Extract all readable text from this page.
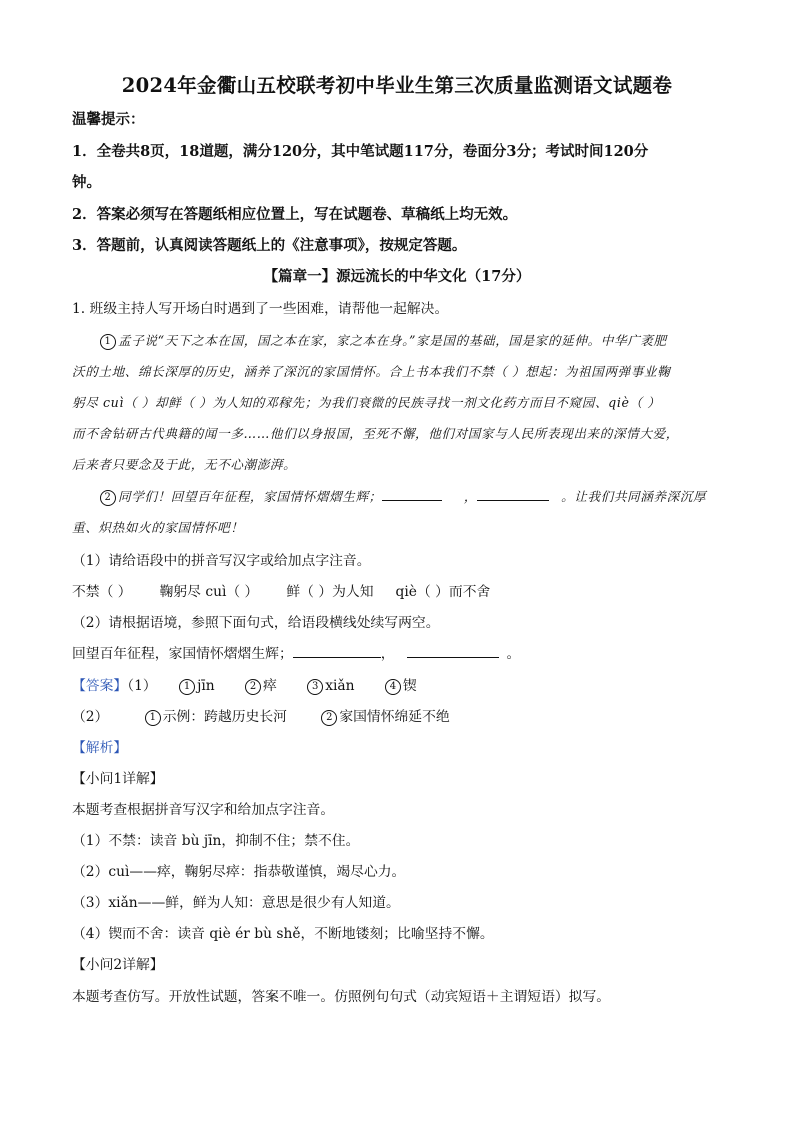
2024年金衢山五校联考初中毕业生第三次质量监测语文试题卷
温馨提示：
1．全卷共8页，18道题，满分120分，其中笔试题117分，卷面分3分；考试时间120分
钟。
2．答案必须写在答题纸相应位置上，写在试题卷、草稿纸上均无效。
3．答题前，认真阅读答题纸上的《注意事项》，按规定答题。
【篇章一】源远流长的中华文化（17分）
1. 班级主持人写开场白时遇到了一些困难，请帮他一起解决。
1 孟子说“天下之本在国，国之本在家，家之本在身。”家是国的基础，国是家的延伸。中华广袤肥
沃的土地、绵长深厚的历史，涵养了深沉的家国情怀。合上书本我们不禁（ ）想起：为祖国两弹事业鞠
躬尽 cuì（ ）却鲜（ ）为人知的邓稼先；为我们衰微的民族寻找一剂文化药方而目不窥园、qiè（ ）
而不舍钻研古代典籍的闻一多……他们以身报国，至死不懈，他们对国家与人民所表现出来的深情大爱，
后来者只要念及于此，无不心潮澎湃。
2 同学们！回望百年征程，家国情怀熠熠生辉；	，	。让我们共同涵养深沉厚
重、炽热如火的家国情怀吧！
（1）请给语段中的拼音写汉字或给加点字注音。
不禁（ ） 鞠躬尽 cuì（ ） 鲜（ ）为人知 qiè（ ）而不舍
（2）请根据语境，参照下面句式，给语段横线处续写两空。
回望百年征程，家国情怀熠熠生辉；	，	。
【答案】（1）	1 jīn	2 瘁	3 xiǎn	4 锲
（2）	1 示例：跨越历史长河	2 家国情怀绵延不绝
【解析】
【小问1详解】
本题考查根据拼音写汉字和给加点字注音。
（1）不禁：读音 bù jīn，抑制不住；禁不住。
（2）cuì——瘁，鞠躬尽瘁：指恭敬谨慎，竭尽心力。
（3）xiǎn——鲜，鲜为人知：意思是很少有人知道。
（4）锲而不舍：读音 qiè ér bù shě，不断地镂刻；比喻坚持不懈。
【小问2详解】
本题考查仿写。开放性试题，答案不唯一。仿照例句句式（动宾短语＋主谓短语）拟写。
